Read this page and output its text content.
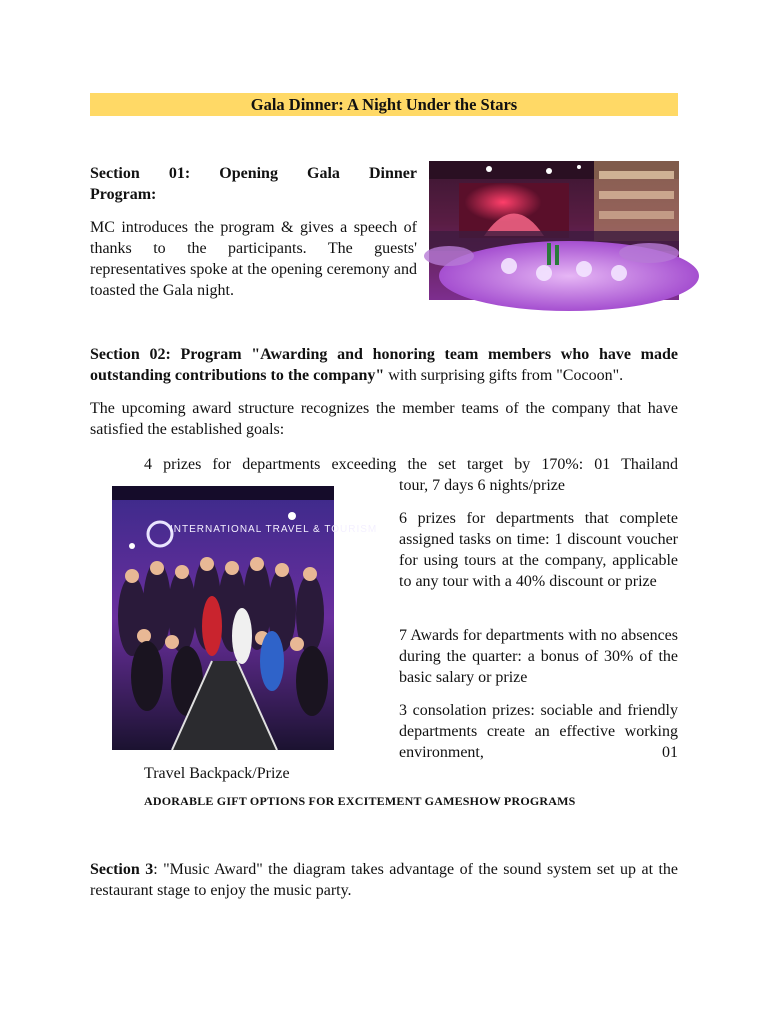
Gala Dinner: A Night Under the Stars
Section 01: Opening Gala Dinner
Program:

MC introduces the program & gives a speech of thanks to the participants. The guests' representatives spoke at the opening ceremony and toasted the Gala night.

Section 02: Program "Awarding and honoring team members who have made outstanding contributions to the company" with surprising gifts from "Cocoon".

The upcoming award structure recognizes the member teams of the company that have satisfied the established goals:

4 prizes for departments exceeding the set target by 170%: 01 Thailand

tour, 7 days 6 nights/prize

INTERNATIONAL TRAVEL & TOURISM

6 prizes for departments that complete assigned tasks on time: 1 discount voucher for using tours at the company, applicable to any tour with a 40% discount or prize

7 Awards for departments with no absences during the quarter: a bonus of 30% of the basic salary or prize

3 consolation prizes: sociable and friendly departments create an effective working environment, 01

Travel Backpack/Prize
ADORABLE GIFT OPTIONS FOR EXCITEMENT GAMESHOW PROGRAMS

Section 3: "Music Award" the diagram takes advantage of the sound system set up at the restaurant stage to enjoy the music party.
